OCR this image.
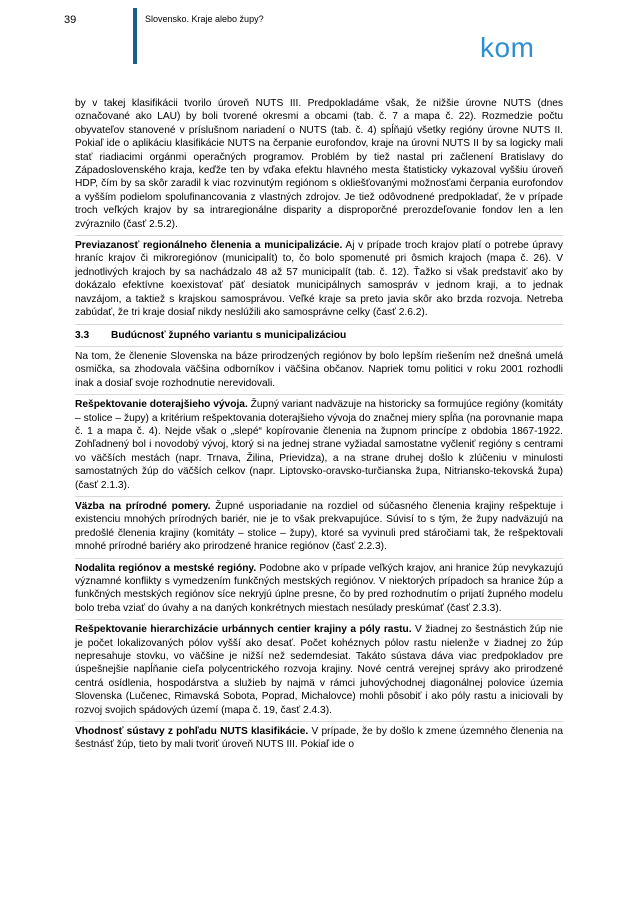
39	Slovensko. Kraje alebo župy?
kom

by v takej klasifikácii tvorilo úroveň NUTS III. Predpokladáme však, že nižšie úrovne NUTS (dnes označované ako LAU) by boli tvorené okresmi a obcami (tab. č. 7 a mapa č. 22). Rozmedzie počtu obyvateľov stanovené v príslušnom nariadení o NUTS (tab. č. 4) spĺňajú všetky regióny úrovne NUTS II. Pokiaľ ide o aplikáciu klasifikácie NUTS na čerpanie eurofondov, kraje na úrovni NUTS II by sa logicky mali stať riadiacimi orgánmi operačných programov. Problém by tiež nastal pri začlenení Bratislavy do Západoslovenského kraja, keďže ten by vďaka efektu hlavného mesta štatisticky vykazoval vyššiu úroveň HDP, čím by sa skôr zaradil k viac rozvinutým regiónom s okliešťovanými možnosťami čerpania eurofondov a vyšším podielom spolufinancovania z vlastných zdrojov. Je tiež odôvodnené predpokladať, že v prípade troch veľkých krajov by sa intraregionálne disparity a disproporčné prerozdeľovanie fondov len a len zvýraznilo (časť 2.5.2).

Previazanosť regionálneho členenia a municipalizácie. Aj v prípade troch krajov platí o potrebe úpravy hraníc krajov či mikroregiónov (municipalít) to, čo bolo spomenuté pri ôsmich krajoch (mapa č. 26). V jednotlivých krajoch by sa nachádzalo 48 až 57 municipalít (tab. č. 12). Ťažko si však predstaviť ako by dokázalo efektívne koexistovať päť desiatok municipálnych samospráv v jednom kraji, a to jednak navzájom, a taktiež s krajskou samosprávou. Veľké kraje sa preto javia skôr ako brzda rozvoja. Netreba zabúdať, že tri kraje dosiaľ nikdy neslúžili ako samosprávne celky (časť 2.6.2).

3.3 Budúcnosť župného variantu s municipalizáciou

Na tom, že členenie Slovenska na báze prirodzených regiónov by bolo lepším riešením než dnešná umelá osmička, sa zhodovala väčšina odborníkov i väčšina občanov. Napriek tomu politici v roku 2001 rozhodli inak a dosiaľ svoje rozhodnutie nerevidovali.

Rešpektovanie doterajšieho vývoja. Župný variant nadväzuje na historicky sa formujúce regióny (komitáty – stolice – župy) a kritérium rešpektovania doterajšieho vývoja do značnej miery spĺňa (na porovnanie mapa č. 1 a mapa č. 4). Nejde však o „slepé“ kopírovanie členenia na župnom princípe z obdobia 1867-1922. Zohľadnený bol i novodobý vývoj, ktorý si na jednej strane vyžiadal samostatne vyčleniť regióny s centrami vo väčších mestách (napr. Trnava, Žilina, Prievidza), a na strane druhej došlo k zlúčeniu v minulosti samostatných žúp do väčších celkov (napr. Liptovsko-oravsko-turčianska župa, Nitriansko-tekovská župa) (časť 2.1.3).

Väzba na prírodné pomery. Župné usporiadanie na rozdiel od súčasného členenia krajiny rešpektuje i existenciu mnohých prírodných bariér, nie je to však prekvapujúce. Súvisí to s tým, že župy nadväzujú na predošlé členenia krajiny (komitáty – stolice – župy), ktoré sa vyvinuli pred stáročiami tak, že rešpektovali mnohé prírodné bariéry ako prirodzené hranice regiónov (časť 2.2.3).

Nodalita regiónov a mestské regióny. Podobne ako v prípade veľkých krajov, ani hranice žúp nevykazujú významné konflikty s vymedzením funkčných mestských regiónov. V niektorých prípadoch sa hranice žúp a funkčných mestských regiónov síce nekryjú úplne presne, čo by pred rozhodnutím o prijatí župného modelu bolo treba vziať do úvahy a na daných konkrétnych miestach nesúlady preskúmať (časť 2.3.3).

Rešpektovanie hierarchizácie urbánnych centier krajiny a póly rastu. V žiadnej zo šestnástich žúp nie je počet lokalizovaných pólov vyšší ako desať. Počet kohéznych pólov rastu nielenže v žiadnej zo žúp nepresahuje stovku, vo väčšine je nižší než sedemdesiat. Takáto sústava dáva viac predpokladov pre úspešnejšie napĺňanie cieľa polycentrického rozvoja krajiny. Nové centrá verejnej správy ako prirodzené centrá osídlenia, hospodárstva a služieb by najmä v rámci juhovýchodnej diagonálnej polovice územia Slovenska (Lučenec, Rimavská Sobota, Poprad, Michalovce) mohli pôsobiť i ako póly rastu a iniciovali by rozvoj svojich spádových území (mapa č. 19, časť 2.4.3).

Vhodnosť sústavy z pohľadu NUTS klasifikácie. V prípade, že by došlo k zmene územného členenia na šestnásť žúp, tieto by mali tvoriť úroveň NUTS III. Pokiaľ ide o
